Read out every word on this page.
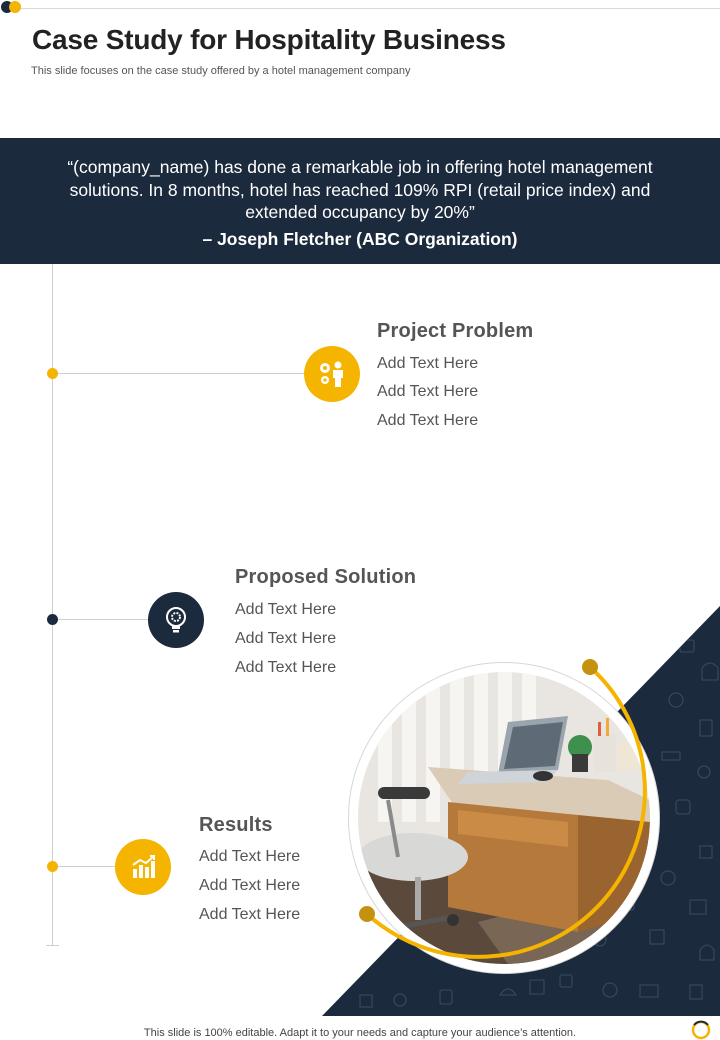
Case Study for Hospitality Business
This slide focuses on the case study offered by a hotel management company
“(company_name) has done a remarkable job in offering hotel management solutions. In 8 months, hotel has reached 109% RPI (retail price index) and extended occupancy by 20%”
– Joseph Fletcher (ABC Organization)
Project Problem
Add Text Here
Add Text Here
Add Text Here
Proposed Solution
Add Text Here
Add Text Here
Add Text Here
Results
Add Text Here
Add Text Here
Add Text Here
This slide is 100% editable. Adapt it to your needs and capture your audience’s attention.
